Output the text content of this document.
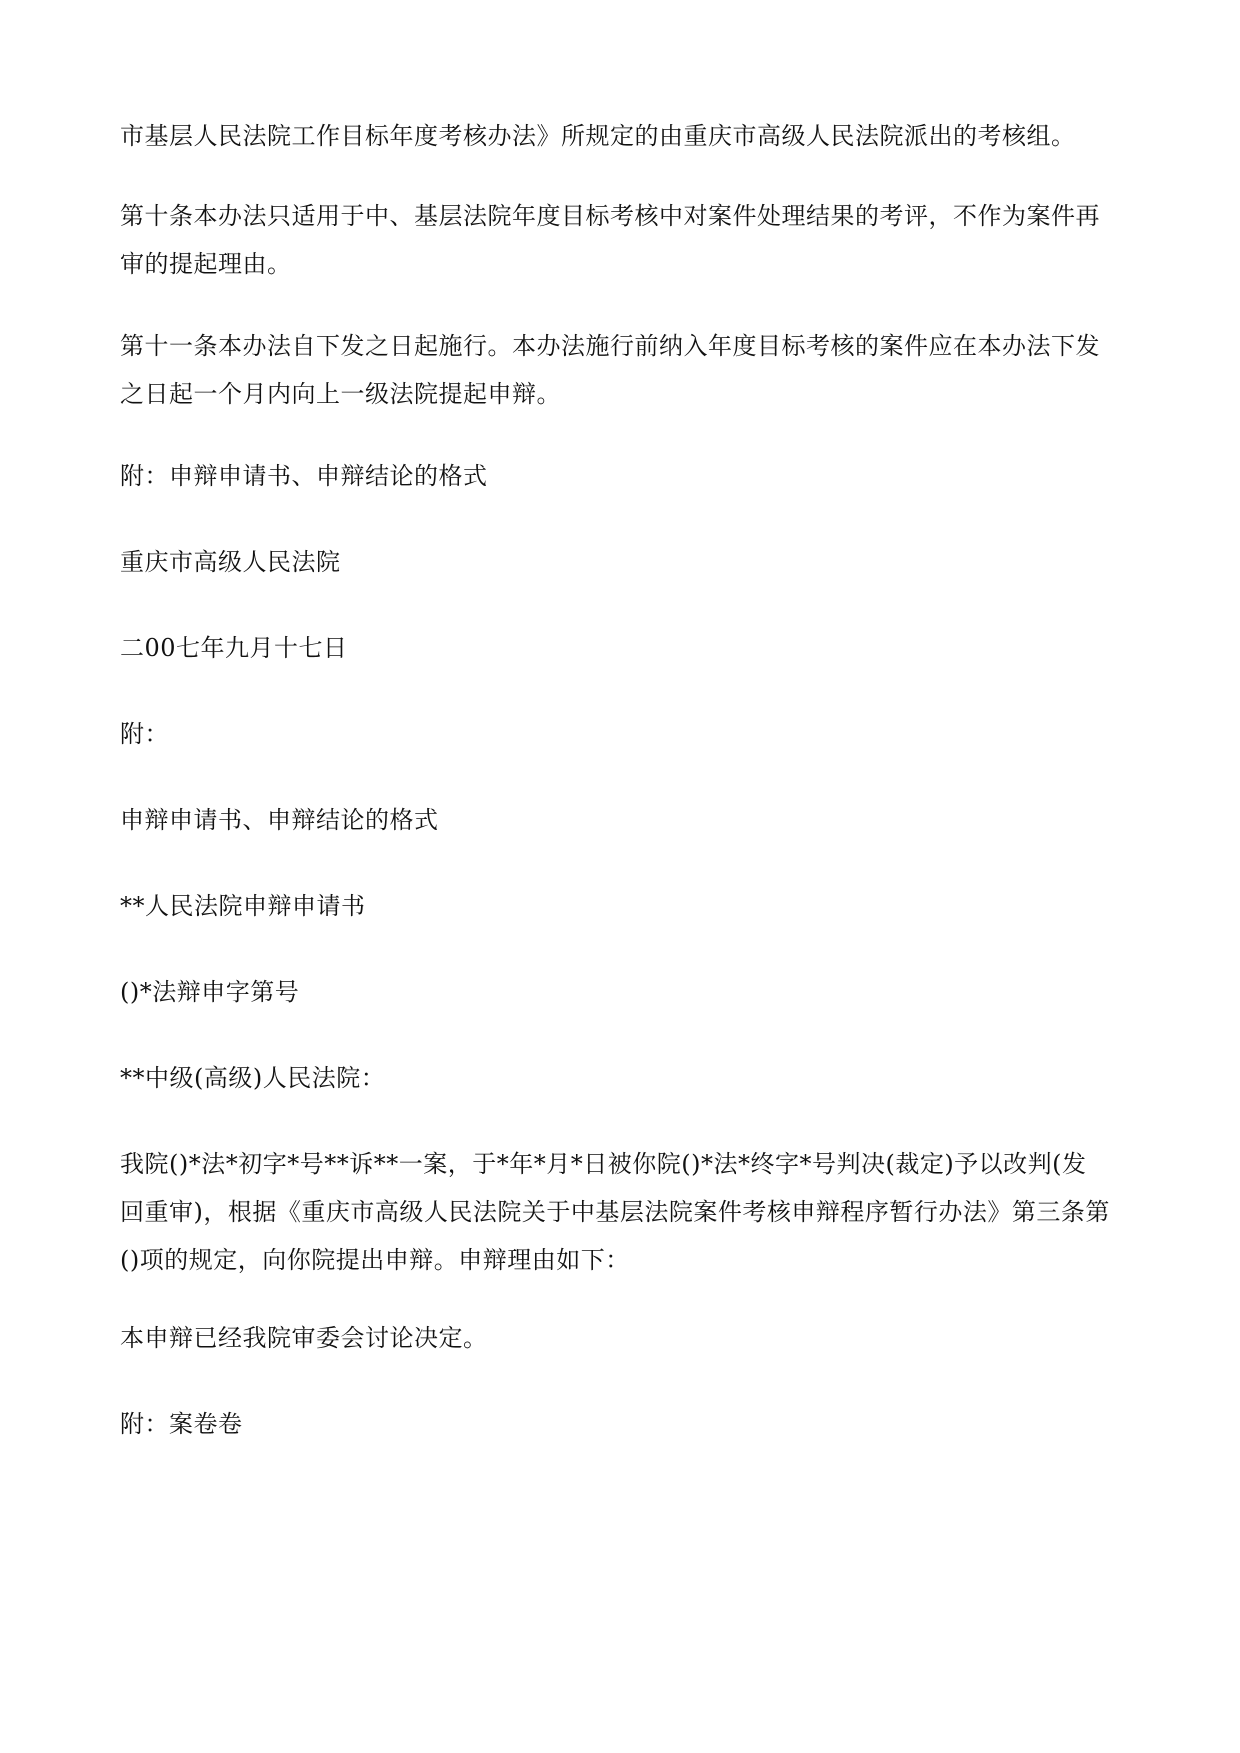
市基层人民法院工作目标年度考核办法》所规定的由重庆市高级人民法院派出的考核组。

第十条本办法只适用于中、基层法院年度目标考核中对案件处理结果的考评，不作为案件再
审的提起理由。

第十一条本办法自下发之日起施行。本办法施行前纳入年度目标考核的案件应在本办法下发
之日起一个月内向上一级法院提起申辩。

附：申辩申请书、申辩结论的格式

重庆市高级人民法院

二00七年九月十七日

附：

申辩申请书、申辩结论的格式

**人民法院申辩申请书

()*法辩申字第号

**中级(高级)人民法院：

我院()*法*初字*号**诉**一案，于*年*月*日被你院()*法*终字*号判决(裁定)予以改判(发
回重审)，根据《重庆市高级人民法院关于中基层法院案件考核申辩程序暂行办法》第三条第
()项的规定，向你院提出申辩。申辩理由如下：

本申辩已经我院审委会讨论决定。

附：案卷卷
